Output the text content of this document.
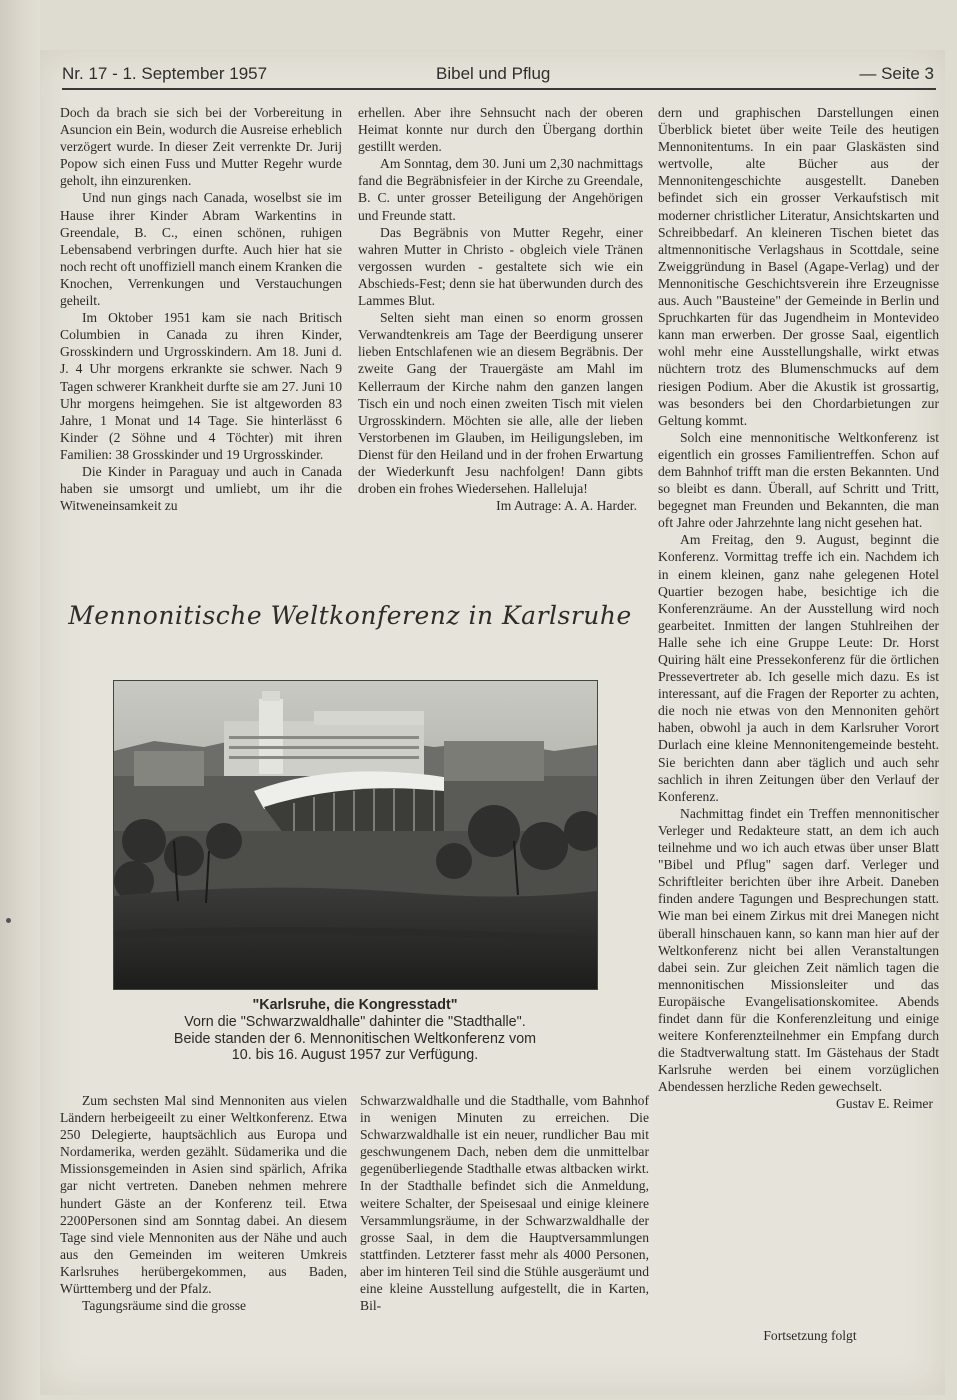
Nr. 17 - 1. September 1957	Bibel und Pflug	— Seite 3

Doch da brach sie sich bei der Vorbereitung in Asuncion ein Bein, wodurch die Ausreise erheblich verzögert wurde. In dieser Zeit verrenkte Dr. Jurij Popow sich einen Fuss und Mutter Regehr wurde geholt, ihn einzurenken.

Und nun gings nach Canada, woselbst sie im Hause ihrer Kinder Abram Warkentins in Greendale, B. C., einen schönen, ruhigen Lebensabend verbringen durfte. Auch hier hat sie noch recht oft unoffiziell manch einem Kranken die Knochen, Verrenkungen und Verstauchungen geheilt.

Im Oktober 1951 kam sie nach Britisch Columbien in Canada zu ihren Kinder, Grosskindern und Urgrosskindern. Am 18. Juni d. J. 4 Uhr morgens erkrankte sie schwer. Nach 9 Tagen schwerer Krankheit durfte sie am 27. Juni 10 Uhr morgens heimgehen. Sie ist altgeworden 83 Jahre, 1 Monat und 14 Tage. Sie hinterlässt 6 Kinder (2 Söhne und 4 Töchter) mit ihren Familien: 38 Grosskinder und 19 Urgrosskinder.

Die Kinder in Paraguay und auch in Canada haben sie umsorgt und umliebt, um ihr die Witweneinsamkeit zu

erhellen. Aber ihre Sehnsucht nach der oberen Heimat konnte nur durch den Übergang dorthin gestillt werden.

Am Sonntag, dem 30. Juni um 2,30 nachmittags fand die Begräbnisfeier in der Kirche zu Greendale, B. C. unter grosser Beteiligung der Angehörigen und Freunde statt.

Das Begräbnis von Mutter Regehr, einer wahren Mutter in Christo - obgleich viele Tränen vergossen wurden - gestaltete sich wie ein Abschieds-Fest; denn sie hat überwunden durch des Lammes Blut.

Selten sieht man einen so enorm grossen Verwandtenkreis am Tage der Beerdigung unserer lieben Entschlafenen wie an diesem Begräbnis. Der zweite Gang der Trauergäste am Mahl im Kellerraum der Kirche nahm den ganzen langen Tisch ein und noch einen zweiten Tisch mit vielen Urgrosskindern. Möchten sie alle, alle der lieben Verstorbenen im Glauben, im Heiligungsleben, im Dienst für den Heiland und in der frohen Erwartung der Wiederkunft Jesu nachfolgen! Dann gibts droben ein frohes Wiedersehen. Halleluja!

Im Autrage: A. A. Harder.

dern und graphischen Darstellungen einen Überblick bietet über weite Teile des heutigen Mennonitentums. In ein paar Glaskästen sind wertvolle, alte Bücher aus der Mennonitengeschichte ausgestellt. Daneben befindet sich ein grosser Verkaufstisch mit moderner christlicher Literatur, Ansichtskarten und Schreibbedarf. An kleineren Tischen bietet das altmennonitische Verlagshaus in Scottdale, seine Zweiggründung in Basel (Agape-Verlag) und der Mennonitische Geschichtsverein ihre Erzeugnisse aus. Auch "Bausteine" der Gemeinde in Berlin und Spruchkarten für das Jugendheim in Montevideo kann man erwerben. Der grosse Saal, eigentlich wohl mehr eine Ausstellungshalle, wirkt etwas nüchtern trotz des Blumenschmucks auf dem riesigen Podium. Aber die Akustik ist grossartig, was besonders bei den Chordarbietungen zur Geltung kommt.

Solch eine mennonitische Weltkonferenz ist eigentlich ein grosses Familientreffen. Schon auf dem Bahnhof trifft man die ersten Bekannten. Und so bleibt es dann. Überall, auf Schritt und Tritt, begegnet man Freunden und Bekannten, die man oft Jahre oder Jahrzehnte lang nicht gesehen hat.

Am Freitag, den 9. August, beginnt die Konferenz. Vormittag treffe ich ein. Nachdem ich in einem kleinen, ganz nahe gelegenen Hotel Quartier bezogen habe, besichtige ich die Konferenzräume. An der Ausstellung wird noch gearbeitet. Inmitten der langen Stuhlreihen der Halle sehe ich eine Gruppe Leute: Dr. Horst Quiring hält eine Pressekonferenz für die örtlichen Pressevertreter ab. Ich geselle mich dazu. Es ist interessant, auf die Fragen der Reporter zu achten, die noch nie etwas von den Mennoniten gehört haben, obwohl ja auch in dem Karlsruher Vorort Durlach eine kleine Mennonitengemeinde besteht. Sie berichten dann aber täglich und auch sehr sachlich in ihren Zeitungen über den Verlauf der Konferenz.

Nachmittag findet ein Treffen mennonitischer Verleger und Redakteure statt, an dem ich auch teilnehme und wo ich auch etwas über unser Blatt "Bibel und Pflug" sagen darf. Verleger und Schriftleiter berichten über ihre Arbeit. Daneben finden andere Tagungen und Besprechungen statt. Wie man bei einem Zirkus mit drei Manegen nicht überall hinschauen kann, so kann man hier auf der Weltkonferenz nicht bei allen Veranstaltungen dabei sein. Zur gleichen Zeit nämlich tagen die mennonitischen Missionsleiter und das Europäische Evangelisationskomitee. Abends findet dann für die Konferenzleitung und einige weitere Konferenzteilnehmer ein Empfang durch die Stadtverwaltung statt. Im Gästehaus der Stadt Karlsruhe werden bei einem vorzüglichen Abendessen herzliche Reden gewechselt.

Gustav E. Reimer

Fortsetzung folgt
Mennonitische Weltkonferenz in Karlsruhe
"Karlsruhe, die Kongresstadt"
Vorn die "Schwarzwaldhalle" dahinter die "Stadthalle".
Beide standen der 6. Mennonitischen Weltkonferenz vom
10. bis 16. August 1957 zur Verfügung.

Zum sechsten Mal sind Mennoniten aus vielen Ländern herbeigeeilt zu einer Weltkonferenz. Etwa 250 Delegierte, hauptsächlich aus Europa und Nordamerika, werden gezählt. Südamerika und die Missionsgemeinden in Asien sind spärlich, Afrika gar nicht vertreten. Daneben nehmen mehrere hundert Gäste an der Konferenz teil. Etwa 2200Personen sind am Sonntag dabei. An diesem Tage sind viele Mennoniten aus der Nähe und auch aus den Gemeinden im weiteren Umkreis Karlsruhes herübergekommen, aus Baden, Württemberg und der Pfalz.

Tagungsräume sind die grosse

Schwarzwaldhalle und die Stadthalle, vom Bahnhof in wenigen Minuten zu erreichen. Die Schwarzwaldhalle ist ein neuer, rundlicher Bau mit geschwungenem Dach, neben dem die unmittelbar gegenüberliegende Stadthalle etwas altbacken wirkt. In der Stadthalle befindet sich die Anmeldung, weitere Schalter, der Speisesaal und einige kleinere Versammlungsräume, in der Schwarzwaldhalle der grosse Saal, in dem die Hauptversammlungen stattfinden. Letzterer fasst mehr als 4000 Personen, aber im hinteren Teil sind die Stühle ausgeräumt und eine kleine Ausstellung aufgestellt, die in Karten, Bil-
